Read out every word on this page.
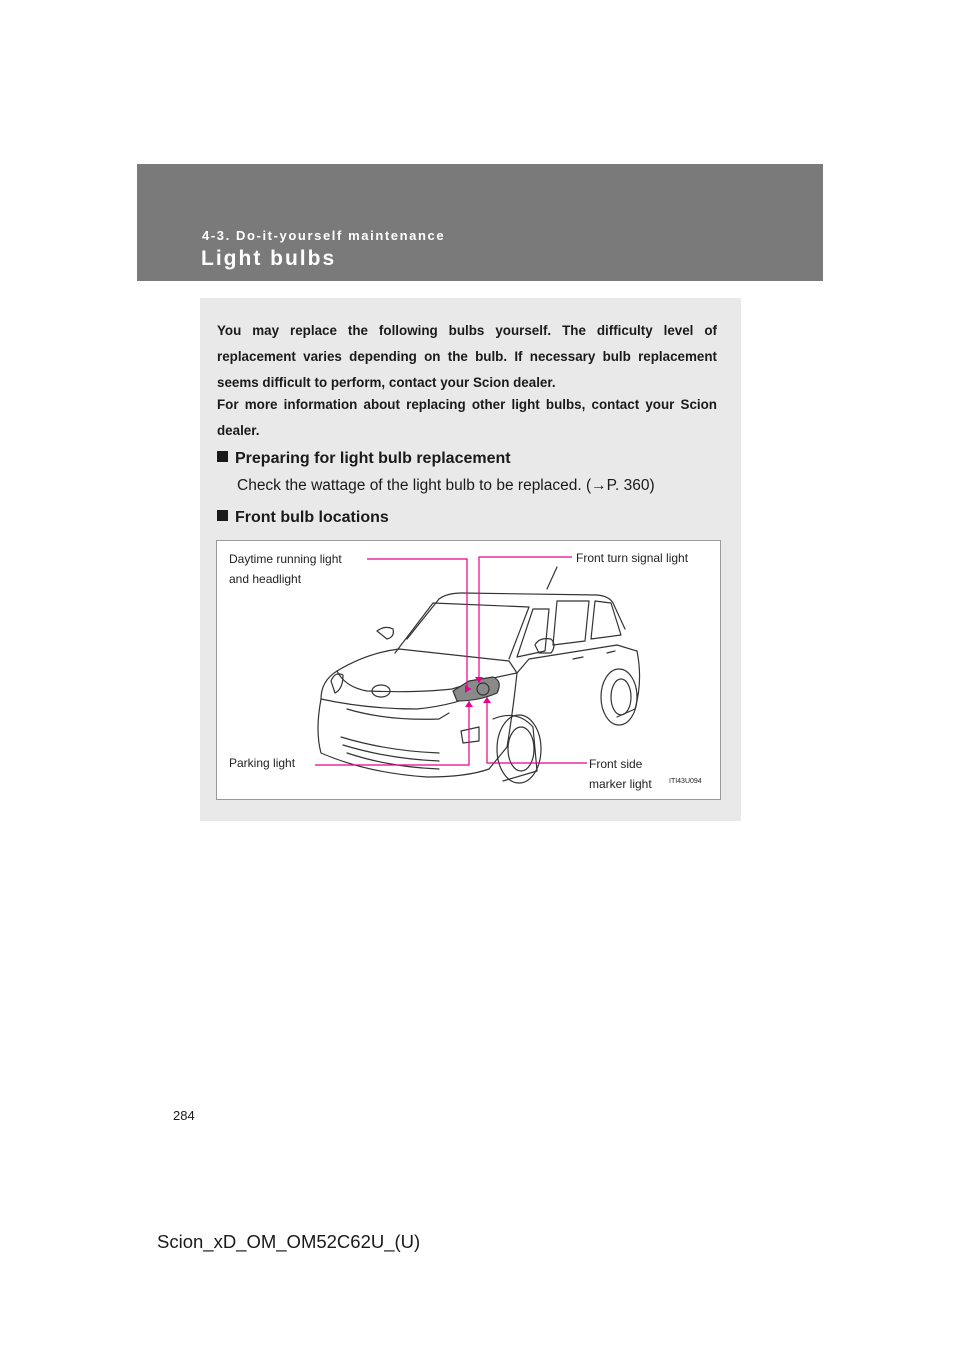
4-3. Do-it-yourself maintenance
Light bulbs
You may replace the following bulbs yourself. The difficulty level of replacement varies depending on the bulb. If necessary bulb replacement seems difficult to perform, contact your Scion dealer.
For more information about replacing other light bulbs, contact your Scion dealer.
Preparing for light bulb replacement
Check the wattage of the light bulb to be replaced. (→P. 360)
Front bulb locations
Daytime running light
and headlight
Front turn signal light
Parking light	Front side
marker light ITI43U094
284
Scion_xD_OM_OM52C62U_(U)
